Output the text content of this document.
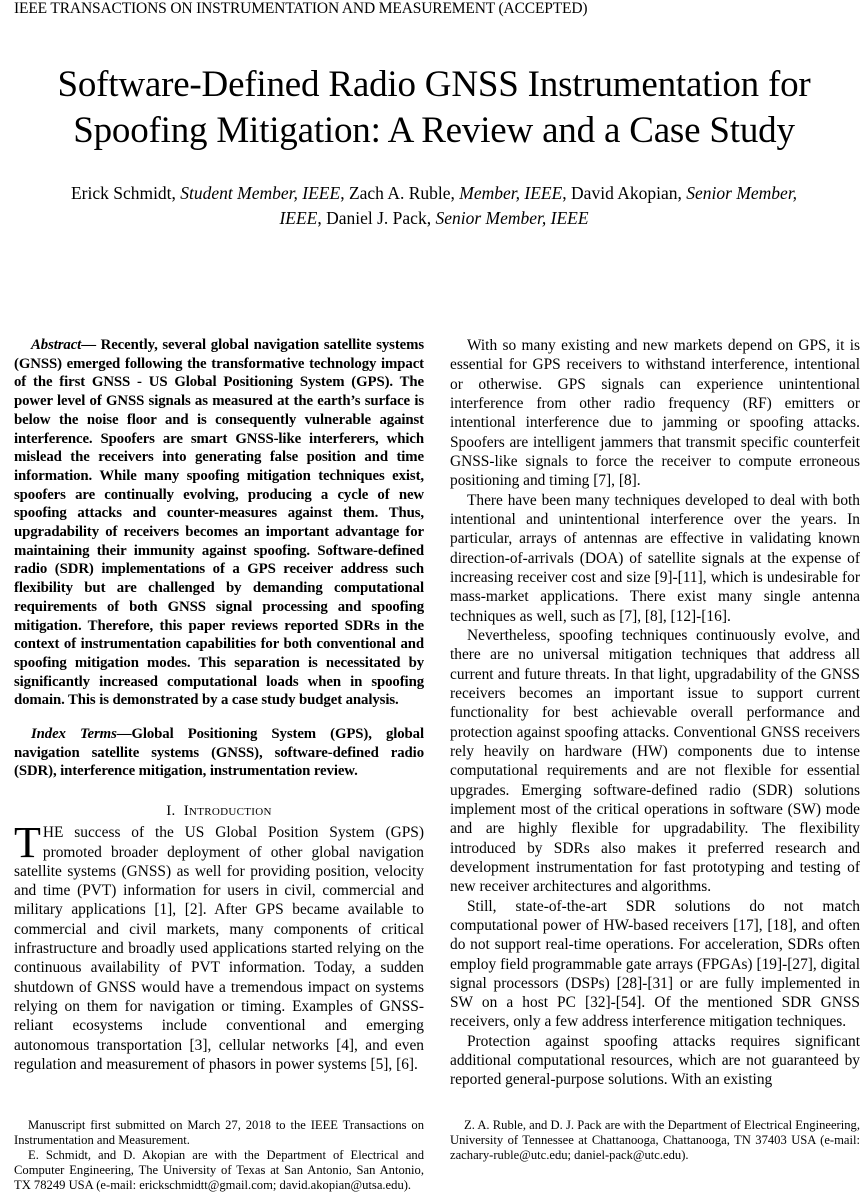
IEEE TRANSACTIONS ON INSTRUMENTATION AND MEASUREMENT (ACCEPTED)
Software-Defined Radio GNSS Instrumentation for Spoofing Mitigation: A Review and a Case Study
Erick Schmidt, Student Member, IEEE, Zach A. Ruble, Member, IEEE, David Akopian, Senior Member, IEEE, Daniel J. Pack, Senior Member, IEEE

Abstract— Recently, several global navigation satellite systems (GNSS) emerged following the transformative technology impact of the first GNSS - US Global Positioning System (GPS). The power level of GNSS signals as measured at the earth’s surface is below the noise floor and is consequently vulnerable against interference. Spoofers are smart GNSS-like interferers, which mislead the receivers into generating false position and time information. While many spoofing mitigation techniques exist, spoofers are continually evolving, producing a cycle of new spoofing attacks and counter-measures against them. Thus, upgradability of receivers becomes an important advantage for maintaining their immunity against spoofing. Software-defined radio (SDR) implementations of a GPS receiver address such flexibility but are challenged by demanding computational requirements of both GNSS signal processing and spoofing mitigation. Therefore, this paper reviews reported SDRs in the context of instrumentation capabilities for both conventional and spoofing mitigation modes. This separation is necessitated by significantly increased computational loads when in spoofing domain. This is demonstrated by a case study budget analysis.

Index Terms—Global Positioning System (GPS), global navigation satellite systems (GNSS), software-defined radio (SDR), interference mitigation, instrumentation review.

I. Introduction

THE success of the US Global Position System (GPS) promoted broader deployment of other global navigation satellite systems (GNSS) as well for providing position, velocity and time (PVT) information for users in civil, commercial and military applications [1], [2]. After GPS became available to commercial and civil markets, many components of critical infrastructure and broadly used applications started relying on the continuous availability of PVT information. Today, a sudden shutdown of GNSS would have a tremendous impact on systems relying on them for navigation or timing. Examples of GNSS-reliant ecosystems include conventional and emerging autonomous transportation [3], cellular networks [4], and even regulation and measurement of phasors in power systems [5], [6].

With so many existing and new markets depend on GPS, it is essential for GPS receivers to withstand interference, intentional or otherwise. GPS signals can experience unintentional interference from other radio frequency (RF) emitters or intentional interference due to jamming or spoofing attacks. Spoofers are intelligent jammers that transmit specific counterfeit GNSS-like signals to force the receiver to compute erroneous positioning and timing [7], [8].

There have been many techniques developed to deal with both intentional and unintentional interference over the years. In particular, arrays of antennas are effective in validating known direction-of-arrivals (DOA) of satellite signals at the expense of increasing receiver cost and size [9]-[11], which is undesirable for mass-market applications. There exist many single antenna techniques as well, such as [7], [8], [12]-[16].

Nevertheless, spoofing techniques continuously evolve, and there are no universal mitigation techniques that address all current and future threats. In that light, upgradability of the GNSS receivers becomes an important issue to support current functionality for best achievable overall performance and protection against spoofing attacks. Conventional GNSS receivers rely heavily on hardware (HW) components due to intense computational requirements and are not flexible for essential upgrades. Emerging software-defined radio (SDR) solutions implement most of the critical operations in software (SW) mode and are highly flexible for upgradability. The flexibility introduced by SDRs also makes it preferred research and development instrumentation for fast prototyping and testing of new receiver architectures and algorithms.

Still, state-of-the-art SDR solutions do not match computational power of HW-based receivers [17], [18], and often do not support real-time operations. For acceleration, SDRs often employ field programmable gate arrays (FPGAs) [19]-[27], digital signal processors (DSPs) [28]-[31] or are fully implemented in SW on a host PC [32]-[54]. Of the mentioned SDR GNSS receivers, only a few address interference mitigation techniques.

Protection against spoofing attacks requires significant additional computational resources, which are not guaranteed by reported general-purpose solutions. With an existing

Manuscript first submitted on March 27, 2018 to the IEEE Transactions on Instrumentation and Measurement.

E. Schmidt, and D. Akopian are with the Department of Electrical and Computer Engineering, The University of Texas at San Antonio, San Antonio, TX 78249 USA (e-mail: erickschmidtt@gmail.com; david.akopian@utsa.edu).

Z. A. Ruble, and D. J. Pack are with the Department of Electrical Engineering, University of Tennessee at Chattanooga, Chattanooga, TN 37403 USA (e-mail: zachary-ruble@utc.edu; daniel-pack@utc.edu).
